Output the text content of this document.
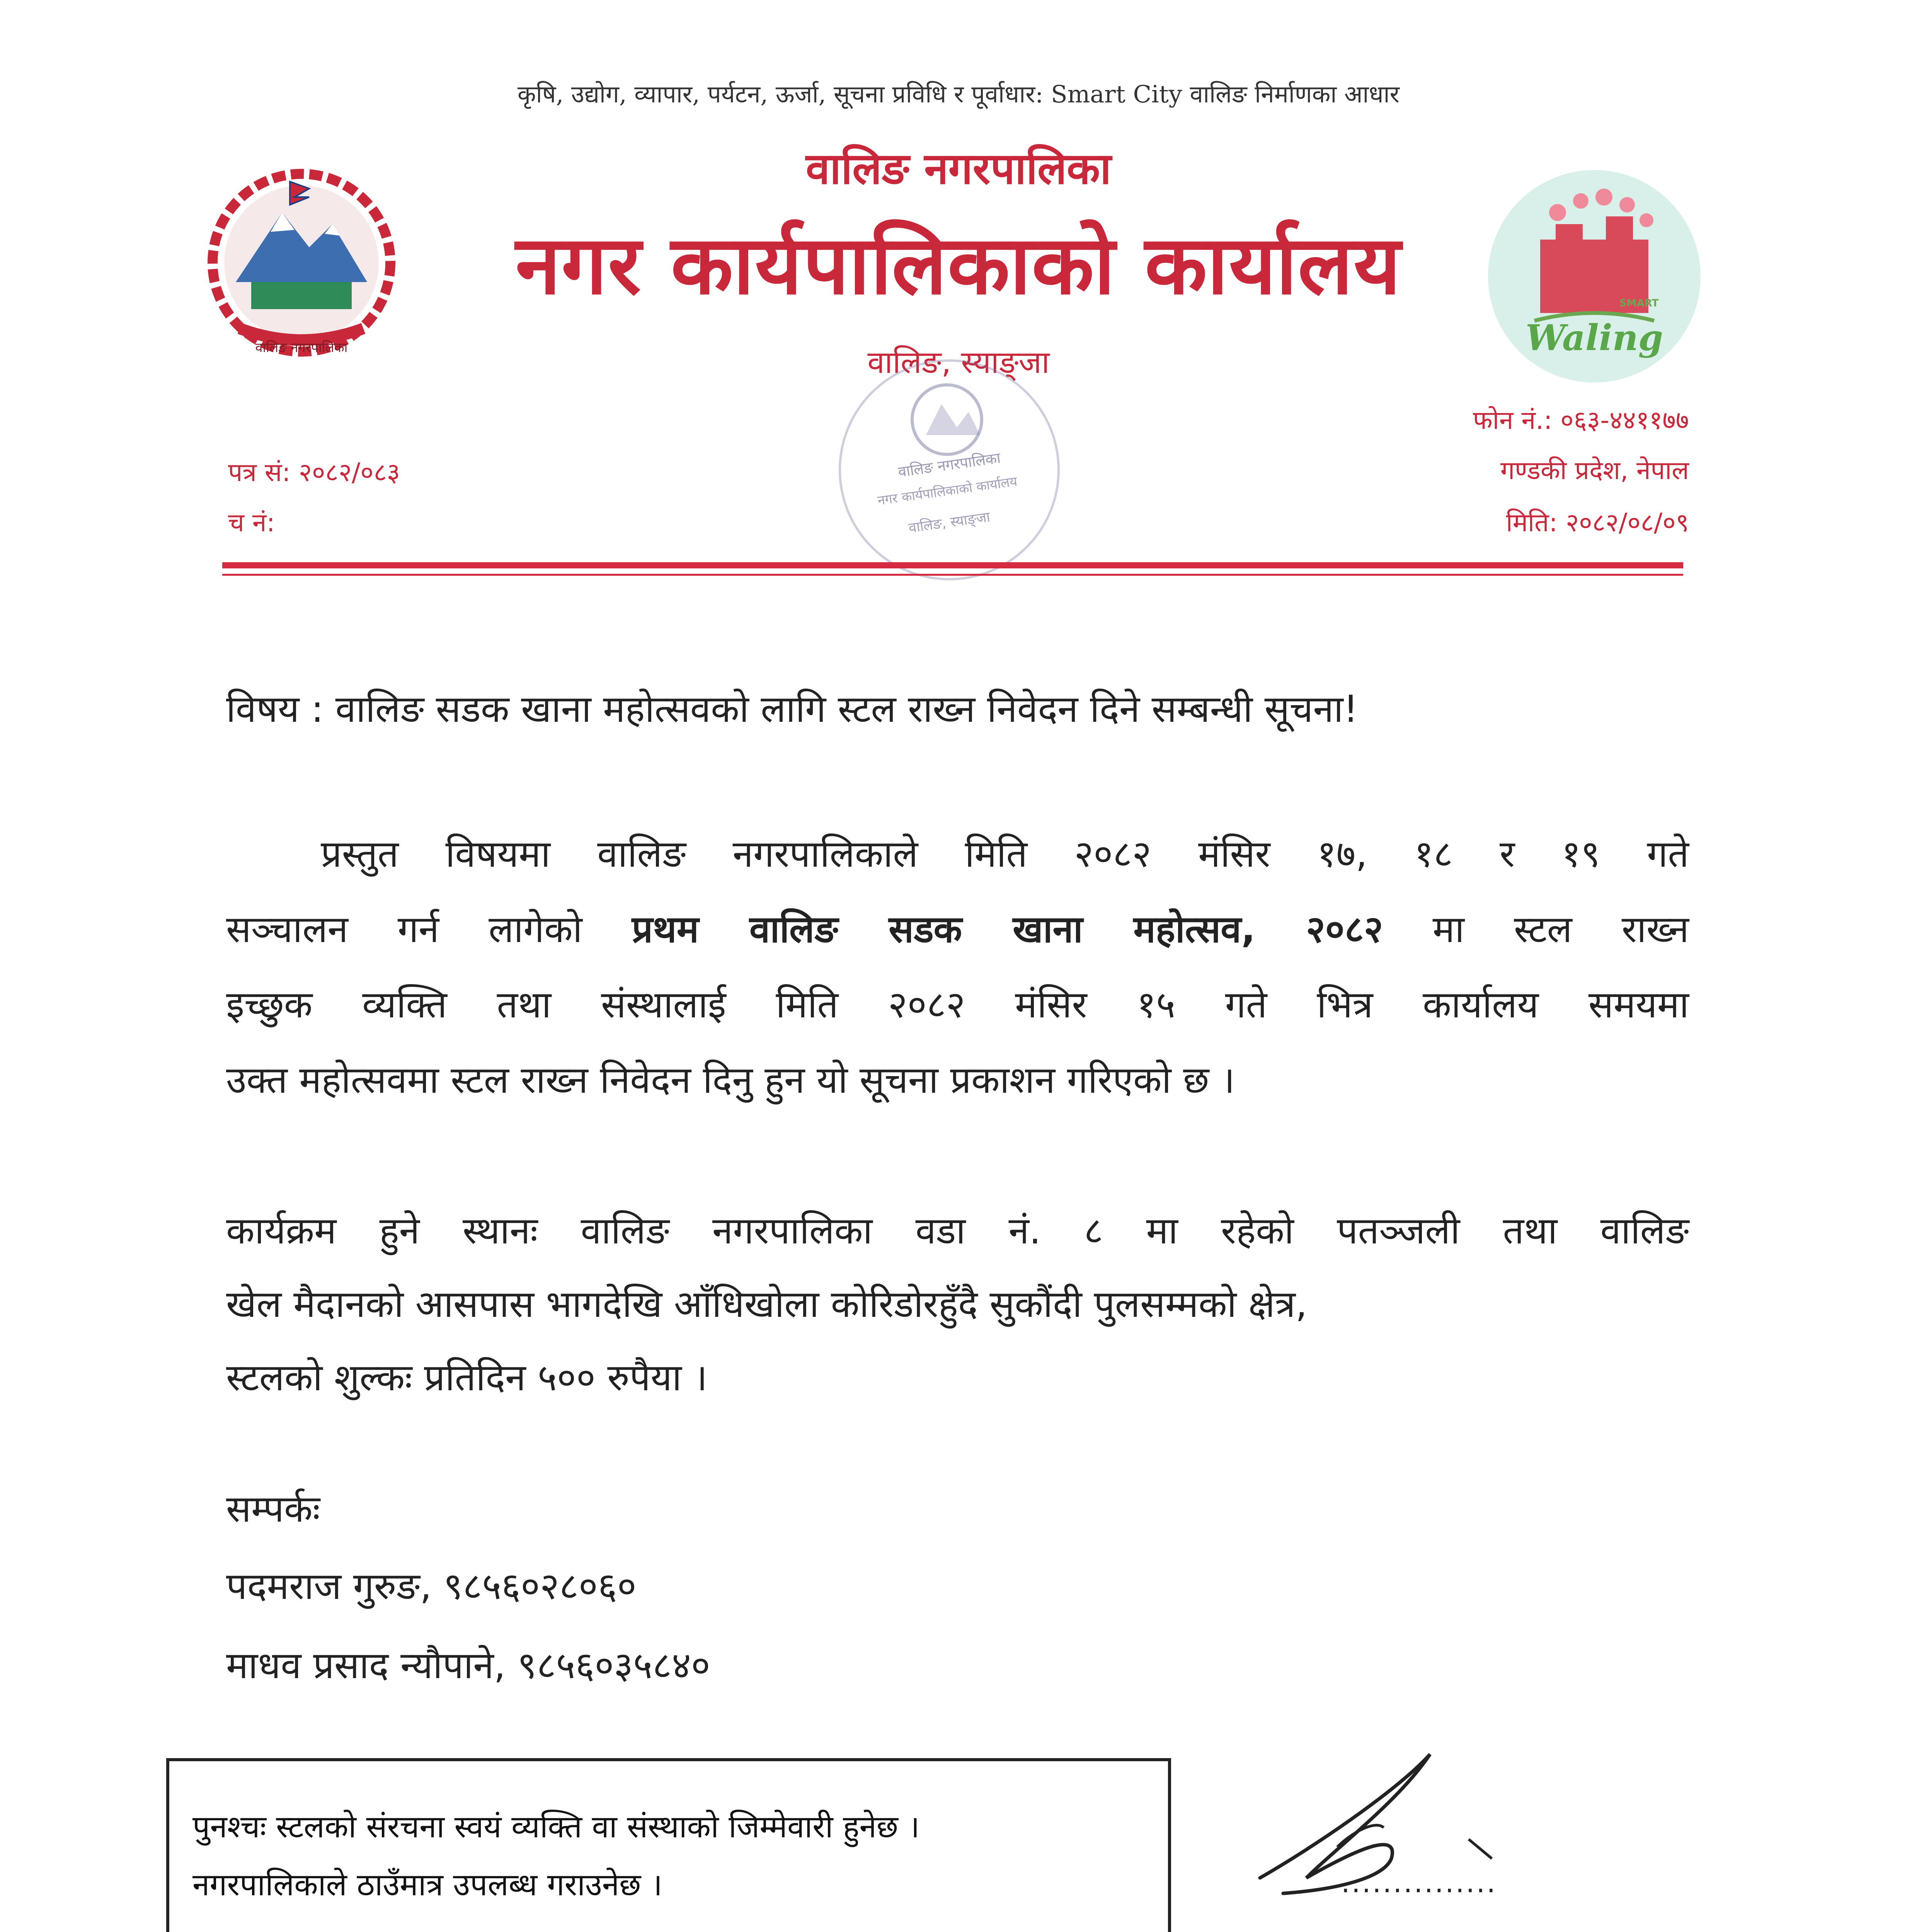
कृषि, उद्योग, व्यापार, पर्यटन, ऊर्जा, सूचना प्रविधि र पूर्वाधार: Smart City वालिङ निर्माणका आधार
वालिङ नगरपालिका
नगर कार्यपालिकाको कार्यालय
वालिङ, स्याङ्जा
वालिङ नगरपालिका
SMART
Waling
पत्र सं: २०८२/०८३
च नं:
फोन नं.: ०६३-४४११७७
गण्डकी प्रदेश, नेपाल
मिति: २०८२/०८/०९
वालिङ नगरपालिका
नगर कार्यपालिकाको कार्यालय
वालिङ, स्याङ्जा
विषय : वालिङ सडक खाना महोत्सवको लागि स्टल राख्न निवेदन दिने सम्बन्धी सूचना!
प्रस्तुत विषयमा वालिङ नगरपालिकाले मिति २०८२ मंसिर १७, १८ र १९ गते
सञ्चालन गर्न लागेको प्रथम वालिङ सडक खाना महोत्सव, २०८२ मा स्टल राख्न
इच्छुक व्यक्ति तथा संस्थालाई मिति २०८२ मंसिर १५ गते भित्र कार्यालय समयमा
उक्त महोत्सवमा स्टल राख्न निवेदन दिनु हुन यो सूचना प्रकाशन गरिएको छ ।
कार्यक्रम हुने स्थानः वालिङ नगरपालिका वडा नं. ८ मा रहेको पतञ्जली तथा वालिङ
खेल मैदानको आसपास भागदेखि आँधिखोला कोरिडोरहुँदै सुकौंदी पुलसम्मको क्षेत्र,
स्टलको शुल्कः प्रतिदिन ५०० रुपैया ।
सम्पर्कः
पदमराज गुरुङ, ९८५६०२८०६०
माधव प्रसाद न्यौपाने, ९८५६०३५८४०
पुनश्चः स्टलको संरचना स्वयं व्यक्ति वा संस्थाको जिम्मेवारी हुनेछ ।
नगरपालिकाले ठाउँमात्र उपलब्ध गराउनेछ ।	...............
